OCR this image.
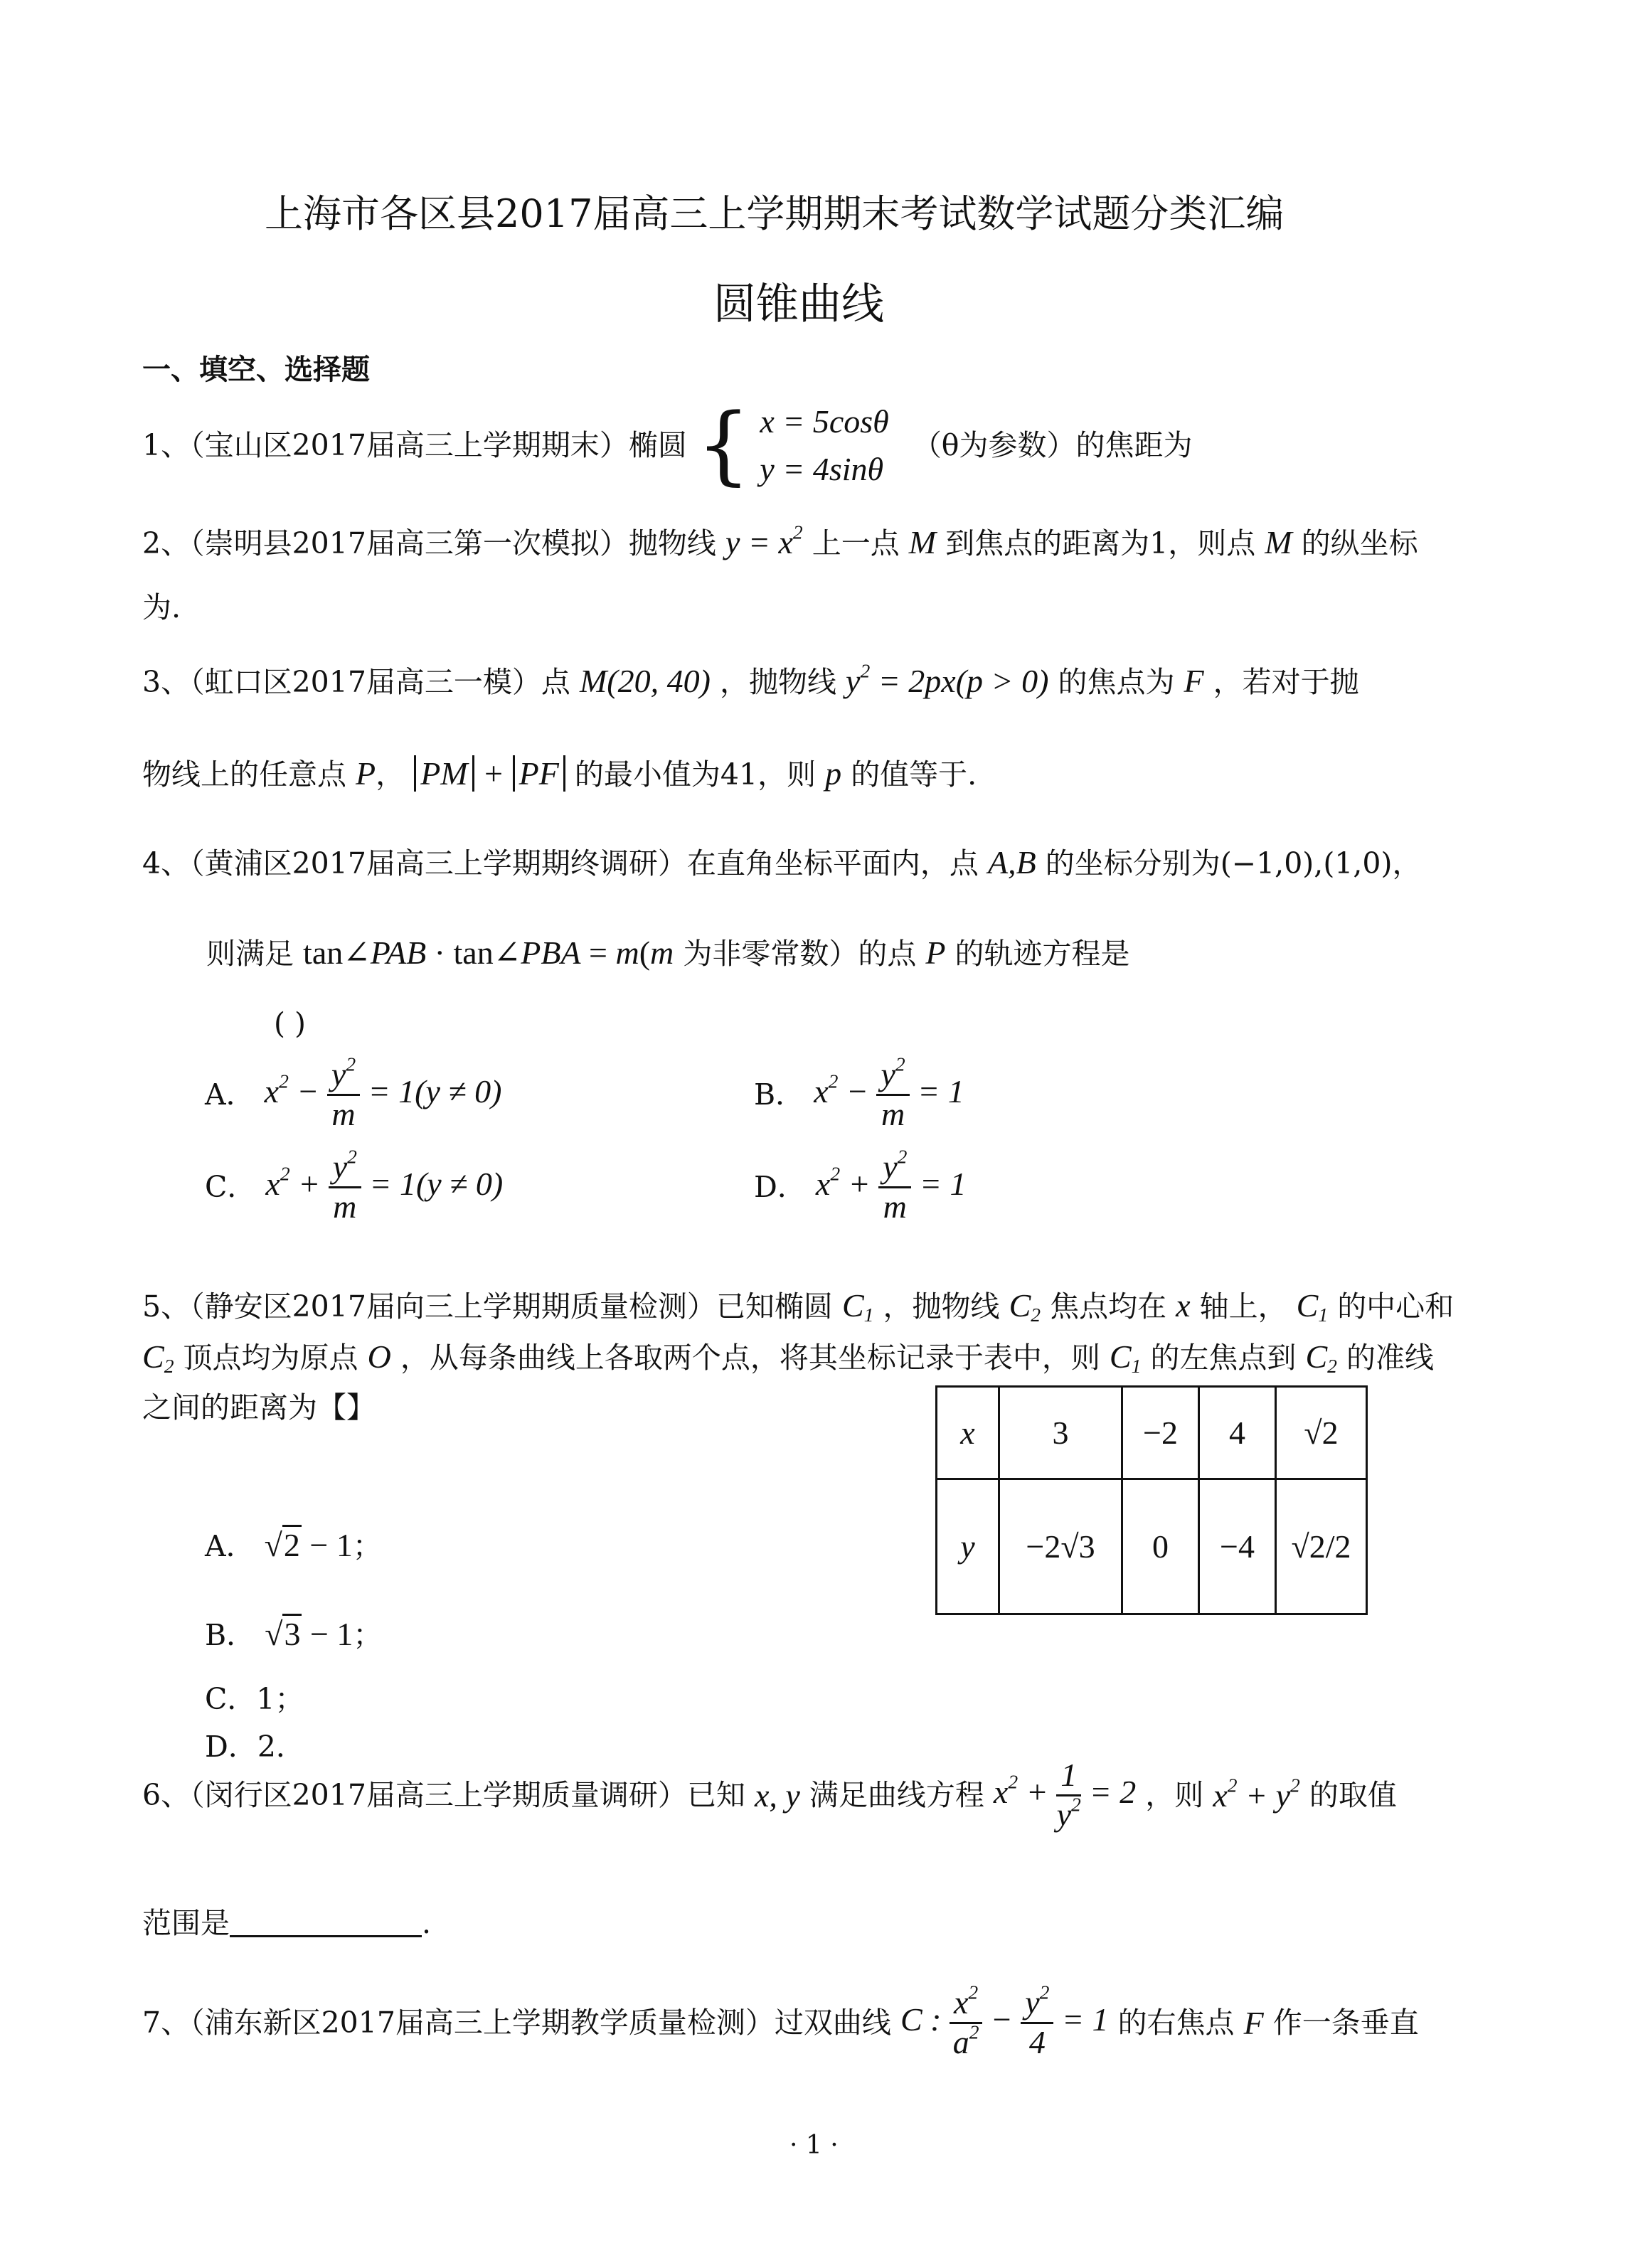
上海市各区县2017届高三上学期期末考试数学试题分类汇编
圆锥曲线
一、填空、选择题
1、（宝山区2017届高三上学期期末）椭圆 { x = 5cosθ
y = 4sinθ
（θ为参数）的焦距为
2、（崇明县2017届高三第一次模拟）抛物线 $y = x^2$ 上一点 M 到焦点的距离为1，则点 M 的纵坐标
为.
3、（虹口区2017届高三一模）点 M(20, 40) ，抛物线 $y^2 = 2px(p > 0)$ 的焦点为 F ，若对于抛
物线上的任意点 P， PM + PF 的最小值为41，则 p 的值等于.
4、（黄浦区2017届高三上学期期终调研）在直角坐标平面内，点 A,B 的坐标分别为(−1,0),(1,0)，
则满足 tan∠PAB · tan∠PBA = m(m 为非零常数）的点 P 的轨迹方程是
( )
A． $x^2 - \frac{y^2}{m} = 1(y \ne 0)$	B． $x^2 - \frac{y^2}{m} = 1$
C． $x^2 + \frac{y^2}{m} = 1(y \ne 0)$	D． $x^2 + \frac{y^2}{m} = 1$
5、（静安区2017届向三上学期期质量检测）已知椭圆 $C_1$ ，抛物线 $C_2$ 焦点均在 x 轴上， $C_1$ 的中心和
$C_2$ 顶点均为原点 O ，从每条曲线上各取两个点，将其坐标记录于表中，则 $C_1$ 的左焦点到 $C_2$ 的准线
之间的距离为【】
A． √2 − 1；
B． √3 − 1；
C．1；
D．2．
x	3	−2	4	√2
y	−2√3	0	−4	√2/2
6、（闵行区2017届高三上学期质量调研）已知 x, y 满足曲线方程 $x^2 + \frac{1}{y^2} = 2$ ，则 $x^2 + y^2$ 的取值
范围是	.
7、（浦东新区2017届高三上学期教学质量检测）过双曲线 C : $\frac{x^2}{a^2} - \frac{y^2}{4} = 1$ 的右焦点 F 作一条垂直
· 1 ·
